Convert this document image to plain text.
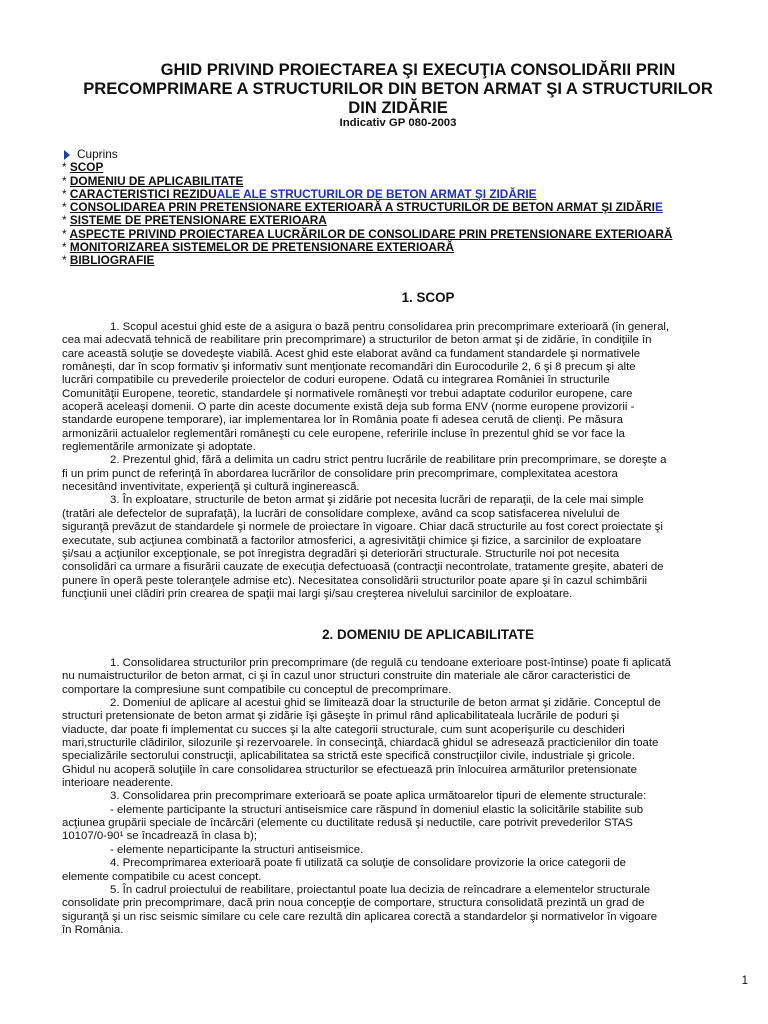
GHID PRIVIND PROIECTAREA ŞI EXECUŢIA CONSOLIDĂRII PRIN
PRECOMPRIMARE A STRUCTURILOR DIN BETON ARMAT ŞI A STRUCTURILOR
DIN ZIDĂRIE
Indicativ GP 080-2003
Cuprins
* SCOP
* DOMENIU DE APLICABILITATE
* CARACTERISTICI REZIDUALE ALE STRUCTURILOR DE BETON ARMAT ŞI ZIDĂRIE
* CONSOLIDAREA PRIN PRETENSIONARE EXTERIOARĂ A STRUCTURILOR DE BETON ARMAT ŞI ZIDĂRIE
* SISTEME DE PRETENSIONARE EXTERIOARA
* ASPECTE PRIVIND PROIECTAREA LUCRĂRILOR DE CONSOLIDARE PRIN PRETENSIONARE EXTERIOARĂ
* MONITORIZAREA SISTEMELOR DE PRETENSIONARE EXTERIOARĂ
* BIBLIOGRAFIE
1. SCOP
1. Scopul acestui ghid este de a asigura o bază pentru consolidarea prin precomprimare exterioară (în general,
cea mai adecvată tehnică de reabilitare prin precomprimare) a structurilor de beton armat şi de zidărie, în condiţiile în
care această soluţie se dovedeşte viabilă. Acest ghid este elaborat având ca fundament standardele şi normativele
româneşti, dar în scop formativ şi informativ sunt menţionate recomandări din Eurocodurile 2, 6 şi 8 precum şi alte
lucrări compatibile cu prevederile proiectelor de coduri europene. Odată cu integrarea României în structurile
Comunităţii Europene, teoretic, standardele şi normativele româneşti vor trebui adaptate codurilor europene, care
acoperă aceleaşi domenii. O parte din aceste documente există deja sub forma ENV (norme europene provizorii -
standarde europene temporare), iar implementarea lor în România poate fi adesea cerută de clienţi. Pe măsura
armonizării actualelor reglementări româneşti cu cele europene, referirile incluse în prezentul ghid se vor face la
reglementările armonizate şi adoptate.
2. Prezentul ghid, fără a delimita un cadru strict pentru lucrările de reabilitare prin precomprimare, se doreşte a
fi un prim punct de referinţă în abordarea lucrărilor de consolidare prin precomprimare, complexitatea acestora
necesitând inventivitate, experienţă şi cultură inginerească.
3. În exploatare, structurile de beton armat şi zidărie pot necesita lucrări de reparaţii, de la cele mai simple
(tratări ale defectelor de suprafaţă), la lucrări de consolidare complexe, având ca scop satisfacerea nivelului de
siguranţă prevăzut de standardele şi normele de proiectare în vigoare. Chiar dacă structurile au fost corect proiectate şi
executate, sub acţiunea combinată a factorilor atmosferici, a agresivităţii chimice şi fizice, a sarcinilor de exploatare
şi/sau a acţiunilor excepţionale, se pot înregistra degradări şi deteriorări structurale. Structurile noi pot necesita
consolidări ca urmare a fisurării cauzate de execuţia defectuoasă (contracţii necontrolate, tratamente greşite, abateri de
punere în operă peste toleranţele admise etc). Necesitatea consolidării structurilor poate apare şi în cazul schimbării
funcţiunii unei clădiri prin crearea de spaţii mai largi şi/sau creşterea nivelului sarcinilor de exploatare.
2. DOMENIU DE APLICABILITATE
1. Consolidarea structurilor prin precomprimare (de regulă cu tendoane exterioare post-întinse) poate fi aplicată
nu numaistructurilor de beton armat, ci şi în cazul unor structuri construite din materiale ale căror caracteristici de
comportare la compresiune sunt compatibile cu conceptul de precomprimare.
2. Domeniul de aplicare al acestui ghid se limitează doar la structurile de beton armat şi zidărie. Conceptul de
structuri pretensionate de beton armat şi zidărie îşi găseşte în primul rând aplicabilitateala lucrările de poduri şi
viaducte, dar poate fi implementat cu succes şi la alte categorii structurale, cum sunt acoperişurile cu deschideri
mari,structurile clădirilor, silozurile şi rezervoarele. în consecinţă, chiardacă ghidul se adresează practicienilor din toate
specializările sectorului construcţii, aplicabilitatea sa strictă este specifică construcţiilor civile, industriale şi gricole.
Ghidul nu acoperă soluţiile în care consolidarea structurilor se efectuează prin înlocuirea armăturilor pretensionate
interioare neaderente.
3. Consolidarea prin precomprimare exterioară se poate aplica următoarelor tipuri de elemente structurale:
- elemente participante la structuri antiseismice care răspund în domeniul elastic la solicitările stabilite sub
acţiunea grupării speciale de încărcări (elemente cu ductilitate redusă şi neductile, care potrivit prevederilor STAS
10107/0-90¹ se încadrează în clasa b);
- elemente neparticipante la structuri antiseismice.
4. Precomprimarea exterioară poate fi utilizată ca soluţie de consolidare provizorie la orice categorii de
elemente compatibile cu acest concept.
5. În cadrul proiectului de reabilitare, proiectantul poate lua decizia de reîncadrare a elementelor structurale
consolidate prin precomprimare, dacă prin noua concepţie de comportare, structura consolidată prezintă un grad de
siguranţă şi un risc seismic similare cu cele care rezultă din aplicarea corectă a standardelor şi normativelor în vigoare
în România.
1
